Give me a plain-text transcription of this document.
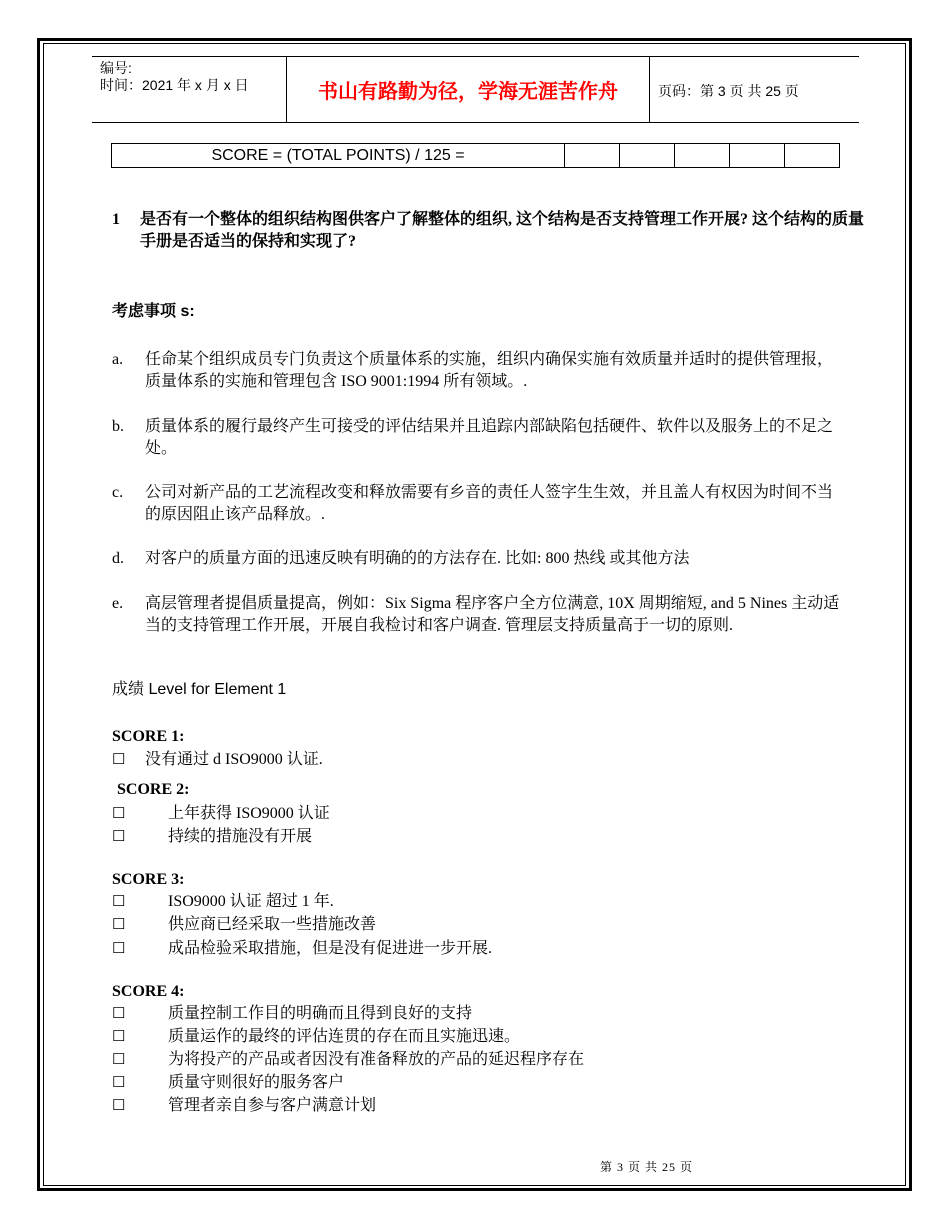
编号:
时间：2021 年 x 月 x 日	书山有路勤为径，学海无涯苦作舟	页码：第 3 页 共 25 页
SCORE = (TOTAL POINTS) / 125 =					
1 是否有一个整体的组织结构图供客户了解整体的组织, 这个结构是否支持管理工作开展? 这个结构的质量手册是否适当的保持和实现了?
考虑事项 s:
a. 任命某个组织成员专门负责这个质量体系的实施，组织内确保实施有效质量并适时的提供管理报，质量体系的实施和管理包含 ISO 9001:1994 所有领域。.
b. 质量体系的履行最终产生可接受的评估结果并且追踪内部缺陷包括硬件、软件以及服务上的不足之处。
c. 公司对新产品的工艺流程改变和释放需要有乡音的责任人签字生生效，并且盖人有权因为时间不当的原因阻止该产品释放。.
d. 对客户的质量方面的迅速反映有明确的的方法存在. 比如: 800 热线 或其他方法
e. 高层管理者提倡质量提高，例如：Six Sigma 程序客户全方位满意, 10X 周期缩短, and 5 Nines 主动适当的支持管理工作开展，开展自我检讨和客户调查. 管理层支持质量高于一切的原则.
成绩 Level for Element 1
SCORE 1:
☐ 没有通过 d ISO9000 认证.
SCORE 2:
☐	上年获得 ISO9000 认证
☐	持续的措施没有开展
SCORE 3:
☐	ISO9000 认证 超过 1 年.
☐	供应商已经采取一些措施改善
☐	成品检验采取措施，但是没有促进进一步开展.
SCORE 4:
☐	质量控制工作目的明确而且得到良好的支持
☐	质量运作的最终的评估连贯的存在而且实施迅速。
☐	为将投产的产品或者因没有准备释放的产品的延迟程序存在
☐	质量守则很好的服务客户
☐	管理者亲自参与客户满意计划
第 3 页 共 25 页
